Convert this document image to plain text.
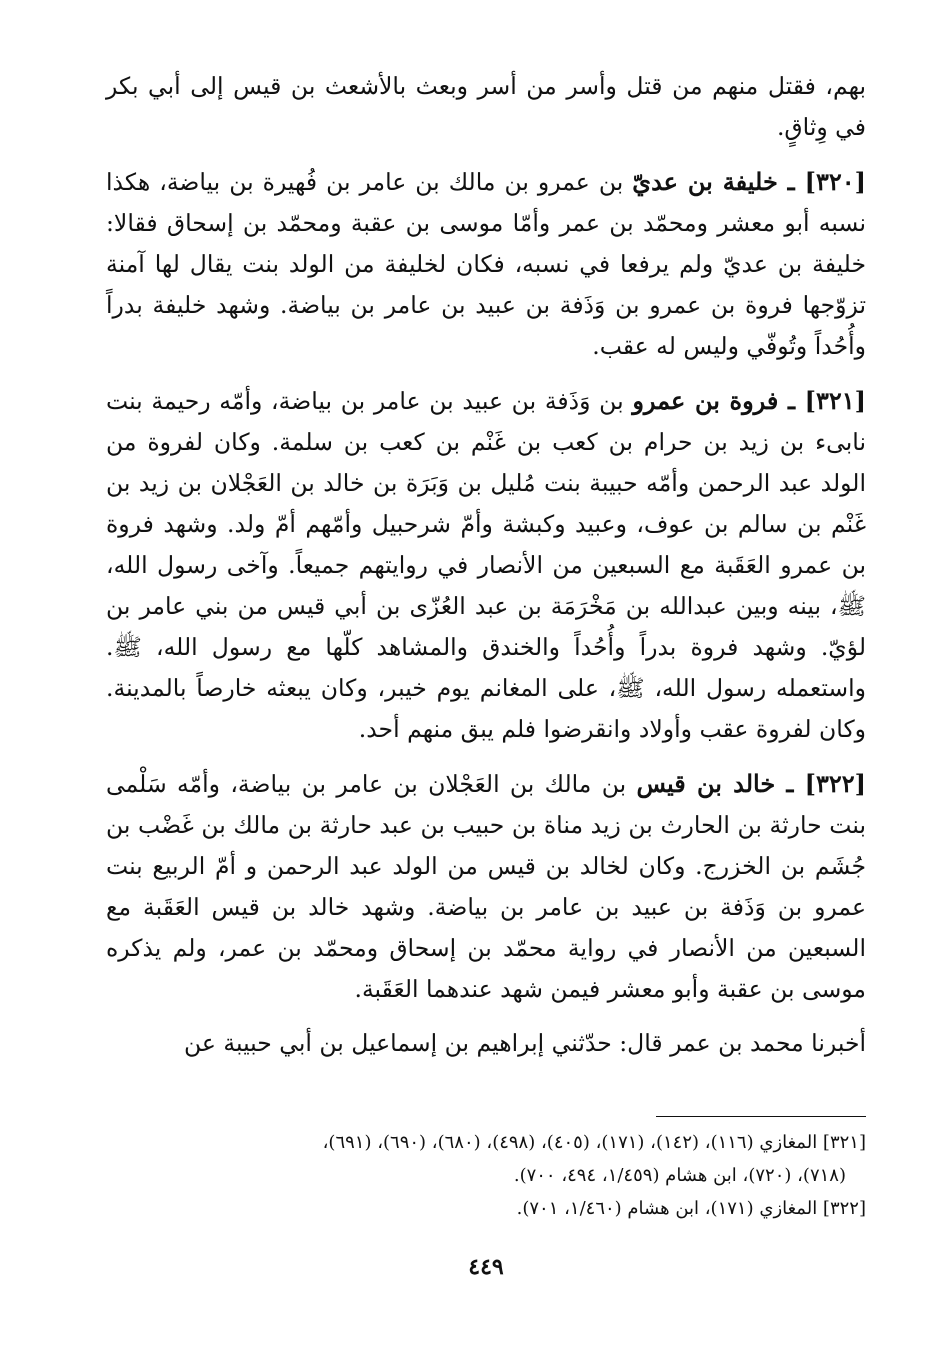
بهم، فقتل منهم من قتل وأسر من أسر وبعث بالأشعث بن قيس إلى أبي بكر في وِثاقٍ.

[٣٢٠] ـ خليفة بن عديّ بن عمرو بن مالك بن عامر بن فُهيرة بن بياضة، هكذا نسبه أبو معشر ومحمّد بن عمر وأمّا موسى بن عقبة ومحمّد بن إسحاق فقالا: خليفة بن عديّ ولم يرفعا في نسبه، فكان لخليفة من الولد بنت يقال لها آمنة تزوّجها فروة بن عمرو بن وَذَفة بن عبيد بن عامر بن بياضة. وشهد خليفة بدراً وأُحُداً وتُوفّي وليس له عقب.

[٣٢١] ـ فروة بن عمرو بن وَذَفة بن عبيد بن عامر بن بياضة، وأمّه رحيمة بنت نابىء بن زيد بن حرام بن كعب بن غَنْم بن كعب بن سلمة. وكان لفروة من الولد عبد الرحمن وأمّه حبيبة بنت مُليل بن وَبَرَة بن خالد بن العَجْلان بن زيد بن غَنْم بن سالم بن عوف، وعبيد وكبشة وأمّ شرحبيل وأمّهم أمّ ولد. وشهد فروة بن عمرو العَقَبة مع السبعين من الأنصار في روايتهم جميعاً. وآخى رسول الله، ﷺ، بينه وبين عبدالله بن مَخْرَمَة بن عبد العُزّى بن أبي قيس من بني عامر بن لؤيّ. وشهد فروة بدراً وأُحُداً والخندق والمشاهد كلّها مع رسول الله، ﷺ. واستعمله رسول الله، ﷺ، على المغانم يوم خيبر، وكان يبعثه خارصاً بالمدينة. وكان لفروة عقب وأولاد وانقرضوا فلم يبق منهم أحد.

[٣٢٢] ـ خالد بن قيس بن مالك بن العَجْلان بن عامر بن بياضة، وأمّه سَلْمى بنت حارثة بن الحارث بن زيد مناة بن حبيب بن عبد حارثة بن مالك بن غَضْب بن جُشَم بن الخزرج. وكان لخالد بن قيس من الولد عبد الرحمن و أمّ الربيع بنت عمرو بن وَذَفة بن عبيد بن عامر بن بياضة. وشهد خالد بن قيس العَقَبة مع السبعين من الأنصار في رواية محمّد بن إسحاق ومحمّد بن عمر، ولم يذكره موسى بن عقبة وأبو معشر فيمن شهد عندهما العَقَبة.

أخبرنا محمد بن عمر قال: حدّثني إبراهيم بن إسماعيل بن أبي حبيبة عن

[٣٢١] المغازي (١١٦)، (١٤٢)، (١٧١)، (٤٠٥)، (٤٩٨)، (٦٨٠)، (٦٩٠)، (٦٩١)،

(٧١٨)، (٧٢٠)، ابن هشام (١/٤٥٩، ٤٩٤، ٧٠٠).

[٣٢٢] المغازي (١٧١)، ابن هشام (١/٤٦٠، ٧٠١).

٤٤٩
